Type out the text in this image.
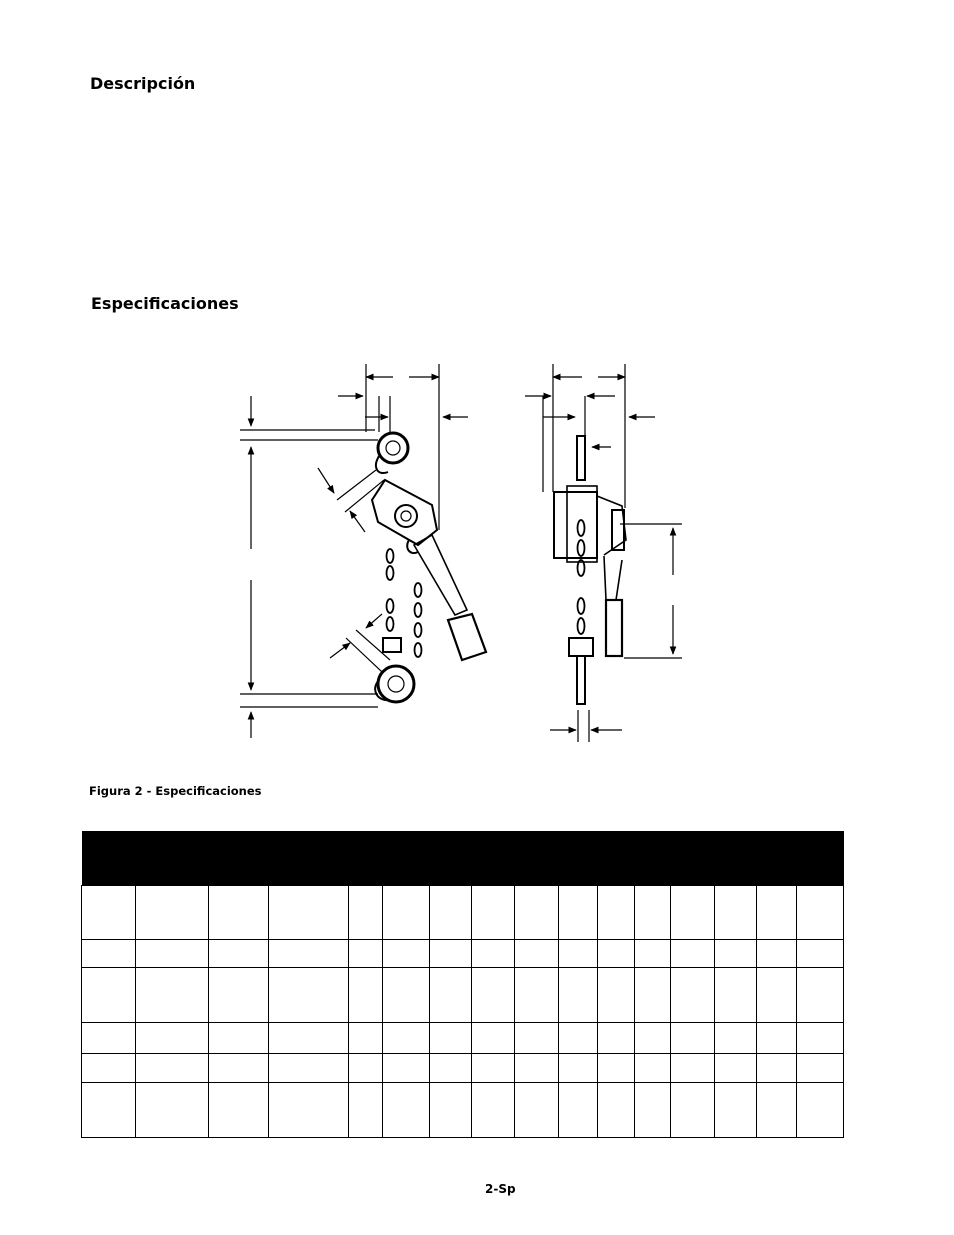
Descripción
Especificaciones
Figura 2 - Especificaciones

2-Sp
